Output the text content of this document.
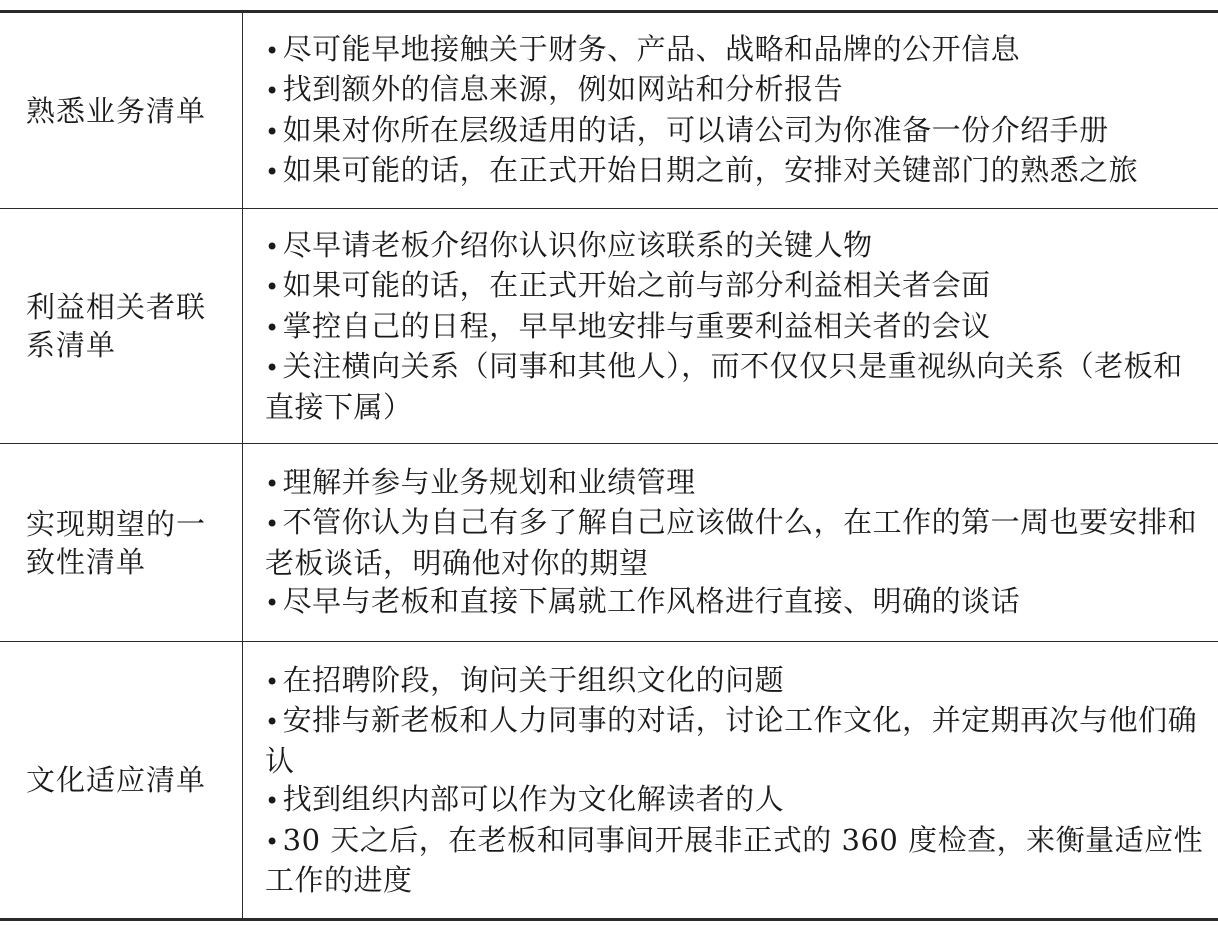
熟悉业务清单	• 尽可能早地接触关于财务、产品、战略和品牌的公开信息

• 找到额外的信息来源，例如网站和分析报告

• 如果对你所在层级适用的话，可以请公司为你准备一份介绍手册

• 如果可能的话，在正式开始日期之前，安排对关键部门的熟悉之旅

利益相关者联系清单	• 尽早请老板介绍你认识你应该联系的关键人物

• 如果可能的话，在正式开始之前与部分利益相关者会面

• 掌控自己的日程，早早地安排与重要利益相关者的会议

• 关注横向关系（同事和其他人），而不仅仅只是重视纵向关系（老板和直接下属）

实现期望的一致性清单	• 理解并参与业务规划和业绩管理

• 不管你认为自己有多了解自己应该做什么，在工作的第一周也要安排和老板谈话，明确他对你的期望

• 尽早与老板和直接下属就工作风格进行直接、明确的谈话

文化适应清单	• 在招聘阶段，询问关于组织文化的问题

• 安排与新老板和人力同事的对话，讨论工作文化，并定期再次与他们确认

• 找到组织内部可以作为文化解读者的人

• 30 天之后，在老板和同事间开展非正式的 360 度检查，来衡量适应性工作的进度
